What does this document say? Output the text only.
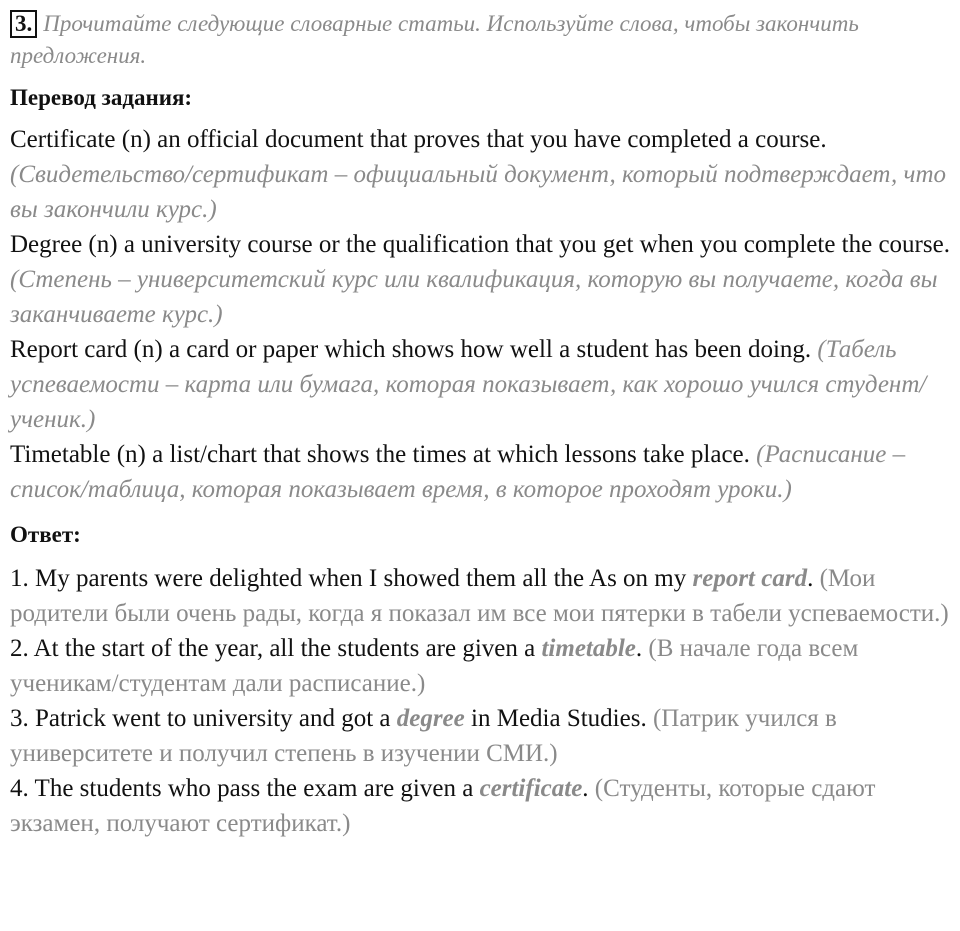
3. Прочитайте следующие словарные статьи. Используйте слова, чтобы закончить предложения.

Перевод задания:

Certificate (n) an official document that proves that you have completed a course. (Свидетельство/сертификат – официальный документ, который подтверждает, что вы закончили курс.)

Degree (n) a university course or the qualification that you get when you complete the course. (Степень – университетский курс или квалификация, которую вы получаете, когда вы заканчиваете курс.)

Report card (n) a card or paper which shows how well a student has been doing. (Табель успеваемости – карта или бумага, которая показывает, как хорошо учился студент/ученик.)

Timetable (n) a list/chart that shows the times at which lessons take place. (Расписание – список/таблица, которая показывает время, в которое проходят уроки.)

Ответ:

1. My parents were delighted when I showed them all the As on my report card. (Мои родители были очень рады, когда я показал им все мои пятерки в табели успеваемости.)

2. At the start of the year, all the students are given a timetable. (В начале года всем ученикам/студентам дали расписание.)

3. Patrick went to university and got a degree in Media Studies. (Патрик учился в университете и получил степень в изучении СМИ.)

4. The students who pass the exam are given a certificate. (Студенты, которые сдают экзамен, получают сертификат.)
